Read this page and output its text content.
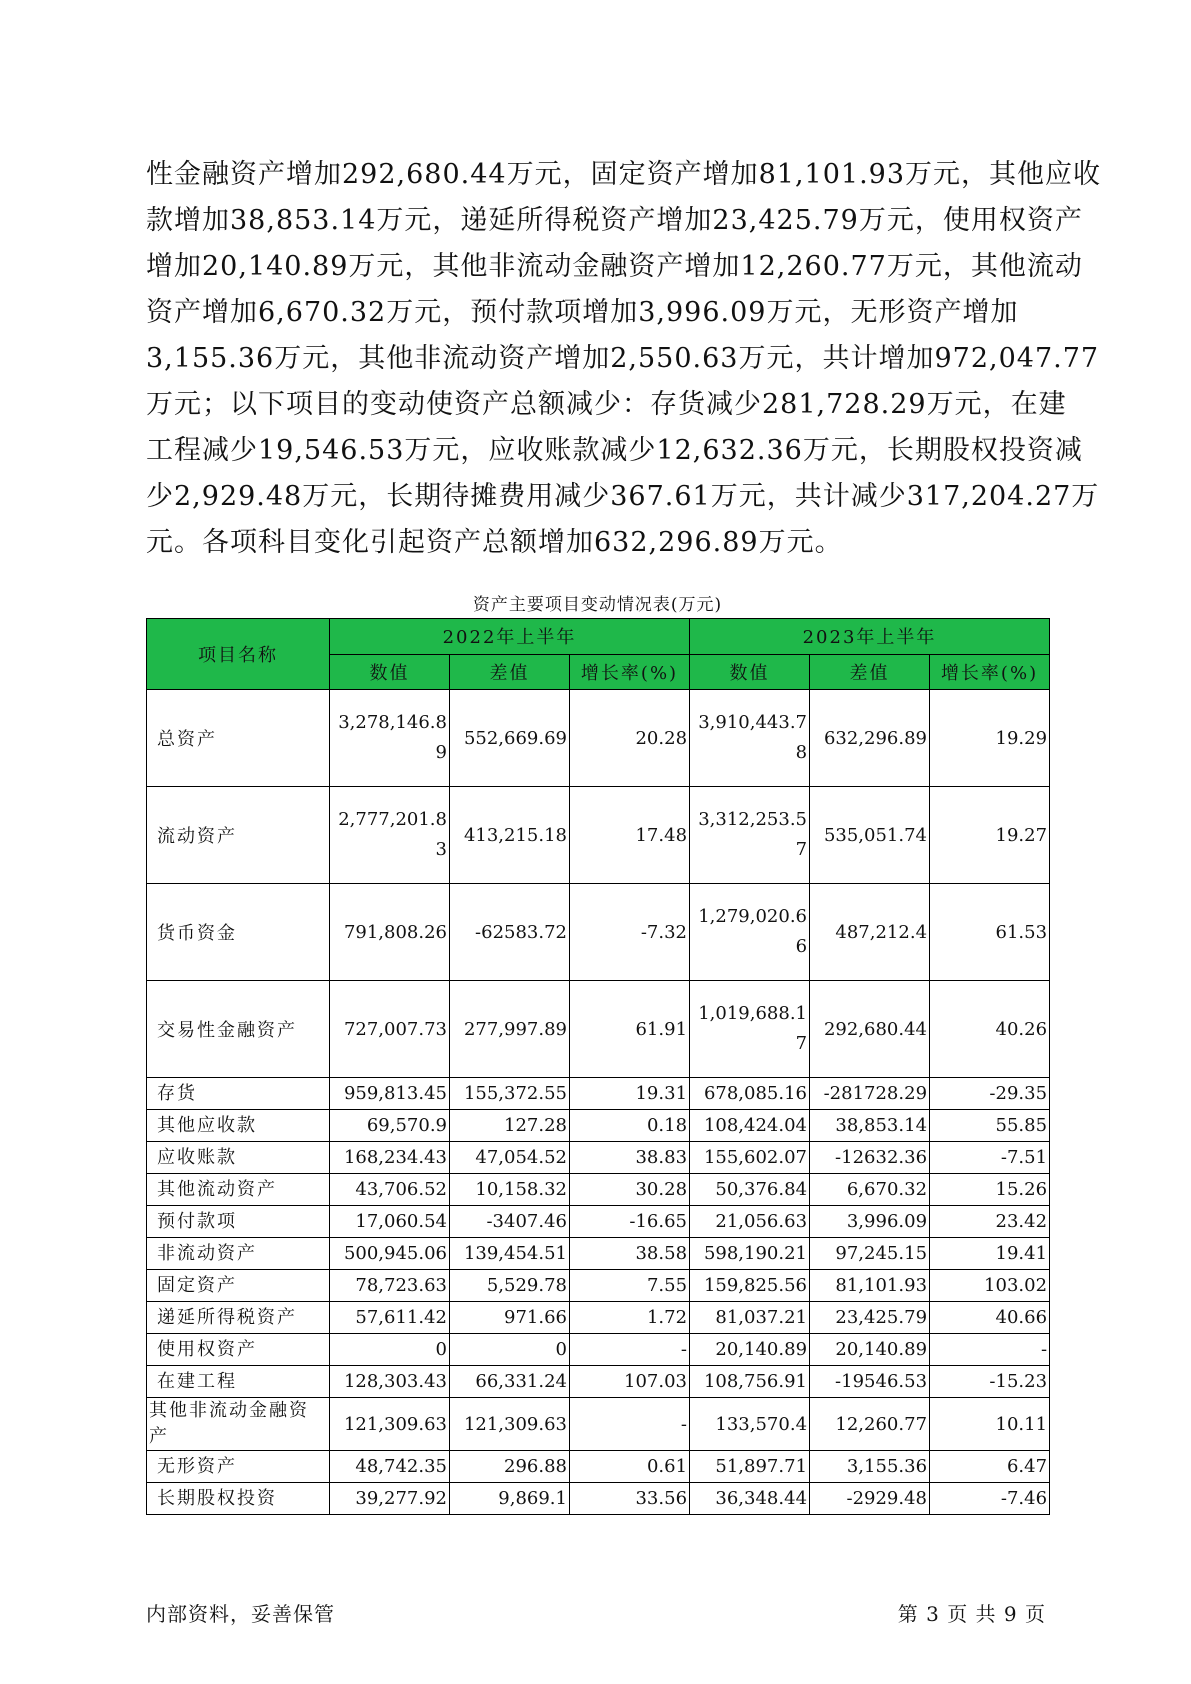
性金融资产增加292,680.44万元，固定资产增加81,101.93万元，其他应收
款增加38,853.14万元，递延所得税资产增加23,425.79万元，使用权资产
增加20,140.89万元，其他非流动金融资产增加12,260.77万元，其他流动
资产增加6,670.32万元，预付款项增加3,996.09万元，无形资产增加
3,155.36万元，其他非流动资产增加2,550.63万元，共计增加972,047.77
万元；以下项目的变动使资产总额减少：存货减少281,728.29万元，在建
工程减少19,546.53万元，应收账款减少12,632.36万元，长期股权投资减
少2,929.48万元，长期待摊费用减少367.61万元，共计减少317,204.27万
元。各项科目变化引起资产总额增加632,296.89万元。
资产主要项目变动情况表(万元)
项目名称	2022年上半年			2023年上半年		
	数值	差值	增长率(%)	数值	差值	增长率(%)
总资产	3,278,146.89	552,669.69	20.28	3,910,443.78	632,296.89	19.29
流动资产	2,777,201.83	413,215.18	17.48	3,312,253.57	535,051.74	19.27
货币资金	791,808.26	-62583.72	-7.32	1,279,020.66	487,212.4	61.53
交易性金融资产	727,007.73	277,997.89	61.91	1,019,688.17	292,680.44	40.26
存货	959,813.45	155,372.55	19.31	678,085.16	-281728.29	-29.35
其他应收款	69,570.9	127.28	0.18	108,424.04	38,853.14	55.85
应收账款	168,234.43	47,054.52	38.83	155,602.07	-12632.36	-7.51
其他流动资产	43,706.52	10,158.32	30.28	50,376.84	6,670.32	15.26
预付款项	17,060.54	-3407.46	-16.65	21,056.63	3,996.09	23.42
非流动资产	500,945.06	139,454.51	38.58	598,190.21	97,245.15	19.41
固定资产	78,723.63	5,529.78	7.55	159,825.56	81,101.93	103.02
递延所得税资产	57,611.42	971.66	1.72	81,037.21	23,425.79	40.66
使用权资产	0	0	-	20,140.89	20,140.89	-
在建工程	128,303.43	66,331.24	107.03	108,756.91	-19546.53	-15.23
其他非流动金融资产	121,309.63	121,309.63	-	133,570.4	12,260.77	10.11
无形资产	48,742.35	296.88	0.61	51,897.71	3,155.36	6.47
长期股权投资	39,277.92	9,869.1	33.56	36,348.44	-2929.48	-7.46
内部资料，妥善保管	第 3 页 共 9 页
